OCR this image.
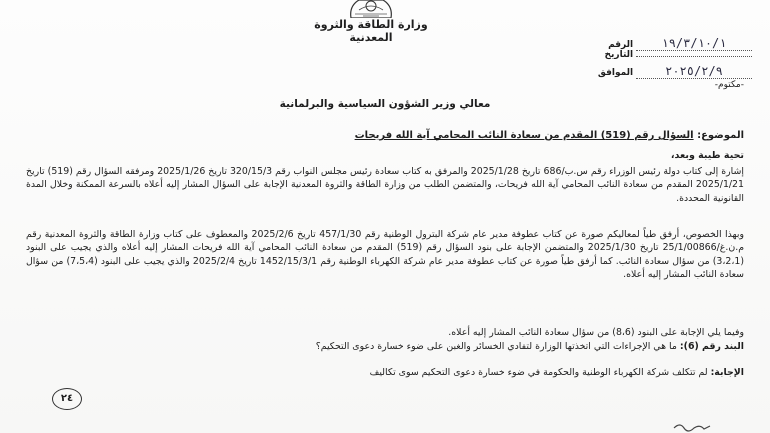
وزارة الطاقة والثروة المعدنية
الرقم ١٩/٣/١٠/١
التاريخ
الموافق	٢٠٢٥/٢/٩
-مكتوم-
معالي وزير الشؤون السياسية والبرلمانية
الموضوع: السؤال رقم (519) المقدم من سعادة النائب المحامي آية الله فريحات
تحية طيبة وبعد،

إشارة إلى كتاب دولة رئيس الوزراء رقم س.ب/686 تاريخ 2025/1/28 والمرفق به كتاب سعادة رئيس مجلس النواب رقم 320/15/3 تاريخ 2025/1/26 ومرفقه السؤال رقم (519) تاريخ 2025/1/21 المقدم من سعادة النائب المحامي آية الله فريحات، والمتضمن الطلب من وزارة الطاقة والثروة المعدنية الإجابة على السؤال المشار إليه أعلاه بالسرعة الممكنة وخلال المدة القانونية المحددة.

وبهذا الخصوص، أرفق طياً لمعاليكم صورة عن كتاب عطوفة مدير عام شركة البترول الوطنية رقم 457/1/30 تاريخ 2025/2/6 والمعطوف على كتاب وزارة الطاقة والثروة المعدنية رقم م.ن.غ/25/1/00866 تاريخ 2025/1/30 والمتضمن الإجابة على بنود السؤال رقم (519) المقدم من سعادة النائب المحامي آية الله فريحات المشار إليه أعلاه والذي يجيب على البنود (3،2،1) من سؤال سعادة النائب. كما أرفق طياً صورة عن كتاب عطوفة مدير عام شركة الكهرباء الوطنية رقم 1452/15/3/1 تاريخ 2025/2/4 والذي يجيب على البنود (7،5،4) من سؤال سعادة النائب المشار إليه أعلاه.

وفيما يلي الإجابة على البنود (8،6) من سؤال سعادة النائب المشار إليه أعلاه.

البند رقم (6): ما هي الإجراءات التي اتخذتها الوزارة لتفادي الخسائر والغبن على ضوء خسارة دعوى التحكيم؟

الإجابة: لم تتكلف شركة الكهرباء الوطنية والحكومة في ضوء خسارة دعوى التحكيم سوى تكاليف

٢٤
